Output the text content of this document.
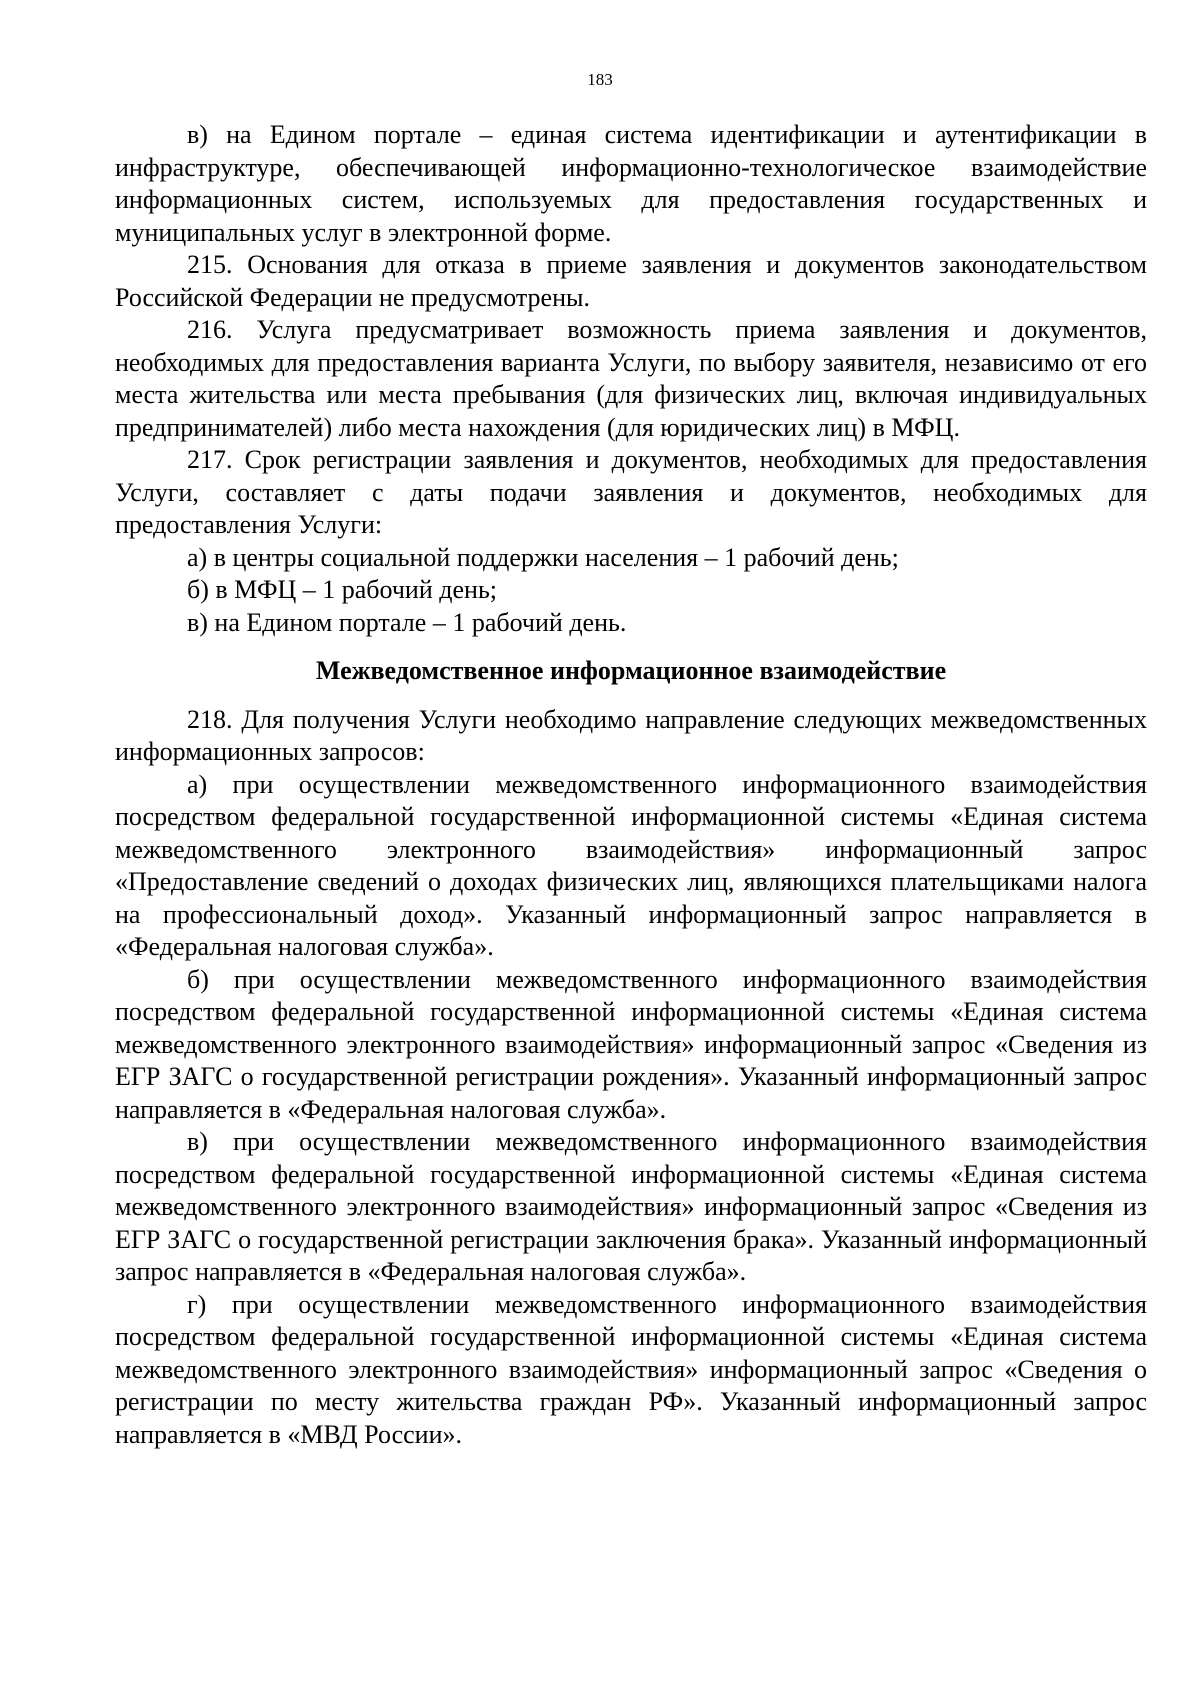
183

в) на Едином портале – единая система идентификации и аутентификации в инфраструктуре, обеспечивающей информационно-технологическое взаимодействие информационных систем, используемых для предоставления государственных и муниципальных услуг в электронной форме.

215. Основания для отказа в приеме заявления и документов законодательством Российской Федерации не предусмотрены.

216. Услуга предусматривает возможность приема заявления и документов, необходимых для предоставления варианта Услуги, по выбору заявителя, независимо от его места жительства или места пребывания (для физических лиц, включая индивидуальных предпринимателей) либо места нахождения (для юридических лиц) в МФЦ.

217. Срок регистрации заявления и документов, необходимых для предоставления Услуги, составляет с даты подачи заявления и документов, необходимых для предоставления Услуги:

а) в центры социальной поддержки населения – 1 рабочий день;

б) в МФЦ – 1 рабочий день;

в) на Едином портале – 1 рабочий день.

Межведомственное информационное взаимодействие

218. Для получения Услуги необходимо направление следующих межведомственных информационных запросов:

а) при осуществлении межведомственного информационного взаимодействия посредством федеральной государственной информационной системы «Единая система межведомственного электронного взаимодействия» информационный запрос «Предоставление сведений о доходах физических лиц, являющихся плательщиками налога на профессиональный доход». Указанный информационный запрос направляется в «Федеральная налоговая служба».

б) при осуществлении межведомственного информационного взаимодействия посредством федеральной государственной информационной системы «Единая система межведомственного электронного взаимодействия» информационный запрос «Сведения из ЕГР ЗАГС о государственной регистрации рождения». Указанный информационный запрос направляется в «Федеральная налоговая служба».

в) при осуществлении межведомственного информационного взаимодействия посредством федеральной государственной информационной системы «Единая система межведомственного электронного взаимодействия» информационный запрос «Сведения из ЕГР ЗАГС о государственной регистрации заключения брака». Указанный информационный запрос направляется в «Федеральная налоговая служба».

г) при осуществлении межведомственного информационного взаимодействия посредством федеральной государственной информационной системы «Единая система межведомственного электронного взаимодействия» информационный запрос «Сведения о регистрации по месту жительства граждан РФ». Указанный информационный запрос направляется в «МВД России».
